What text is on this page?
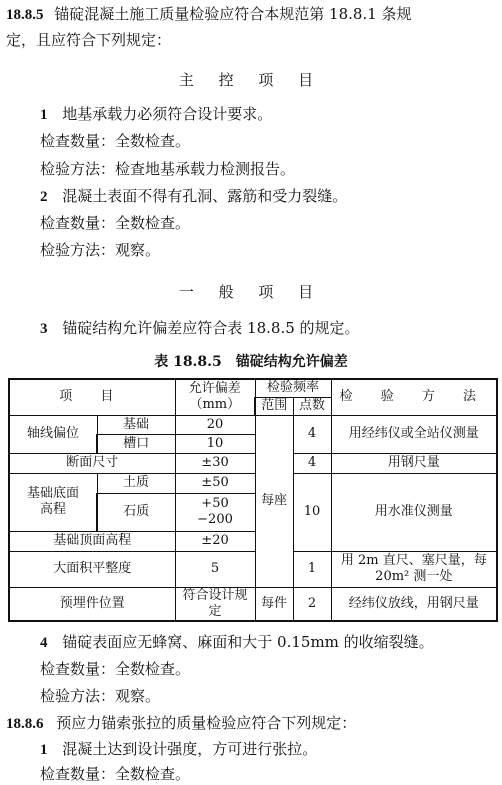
18.8.5 锚碇混凝土施工质量检验应符合本规范第 18.8.1 条规
定，且应符合下列规定：
主 控 项 目
1 地基承载力必须符合设计要求。
检查数量：全数检查。
检验方法：检查地基承载力检测报告。
2 混凝土表面不得有孔洞、露筋和受力裂缝。
检查数量：全数检查。
检验方法：观察。
一 般 项 目
3 锚碇结构允许偏差应符合表 18.8.5 的规定。
表 18.8.5　锚碇结构允许偏差
项 目		允许偏差
（mm）	检验频率		检 验 方 法
			范围	点数	
轴线偏位	基础	20	每座	4	用经纬仪或全站仪测量
	槽口	10			
断面尺寸		±30		4	用钢尺量

基础底面
高程	土质	±50		10	用水准仪测量
	石质	+50
−200			

基础顶面高程		±20			
大面积平整度		5		1	用 2m 直尺、塞尺量，每
20m² 测一处

预埋件位置		符合设计规定	每件	2	经纬仪放线，用钢尺量
4 锚碇表面应无蜂窝、麻面和大于 0.15mm 的收缩裂缝。
检查数量：全数检查。
检验方法：观察。
18.8.6 预应力锚索张拉的质量检验应符合下列规定：
1 混凝土达到设计强度，方可进行张拉。
检查数量：全数检查。
